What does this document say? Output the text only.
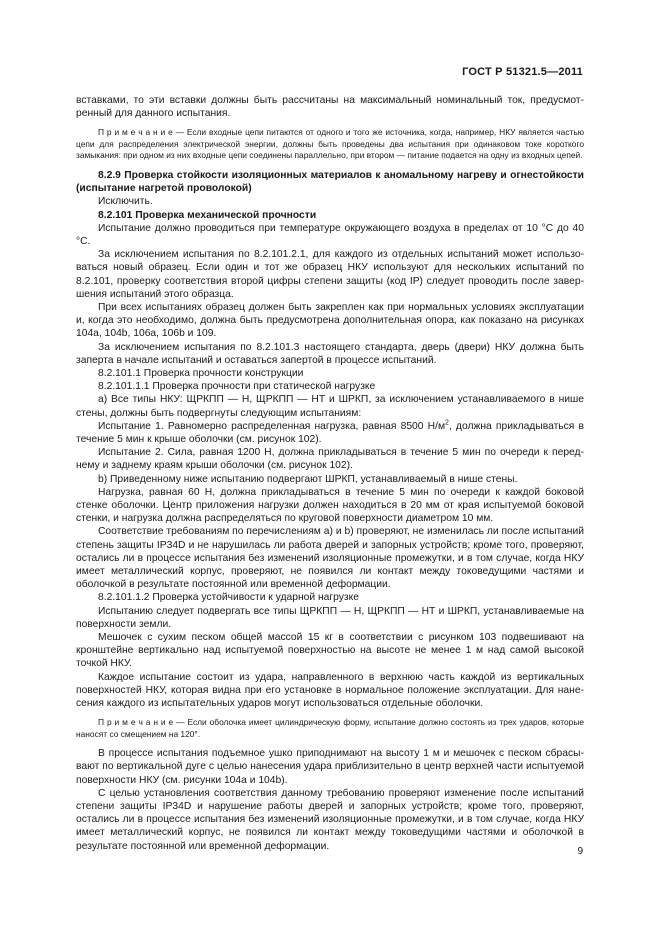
ГОСТ Р 51321.5—2011

вставками, то эти вставки должны быть рассчитаны на максимальный номинальный ток, предусмотренный для данного испытания.

П р и м е ч а н и е — Если входные цепи питаются от одного и того же источника, когда, например, НКУ является частью цепи для распределения электрической энергии, должны быть проведены два испытания при одинаковом токе короткого замыкания: при одном из них входные цепи соединены параллельно, при втором — питание подается на одну из входных цепей.

8.2.9 Проверка стойкости изоляционных материалов к аномальному нагреву и огнестойкости (испытание нагретой проволокой)

Исключить.

8.2.101 Проверка механической прочности

Испытание должно проводиться при температуре окружающего воздуха в пределах от 10 °С до 40 °С.

За исключением испытания по 8.2.101.2.1, для каждого из отдельных испытаний может использоваться новый образец. Если один и тот же образец НКУ используют для нескольких испытаний по 8.2.101, проверку соответствия второй цифры степени защиты (код IP) следует проводить после завершения испытаний этого образца.

При всех испытаниях образец должен быть закреплен как при нормальных условиях эксплуатации и, когда это необходимо, должна быть предусмотрена дополнительная опора, как показано на рисунках 104а, 104b, 106а, 106b и 109.

За исключением испытания по 8.2.101.3 настоящего стандарта, дверь (двери) НКУ должна быть заперта в начале испытаний и оставаться запертой в процессе испытаний.

8.2.101.1 Проверка прочности конструкции

8.2.101.1.1 Проверка прочности при статической нагрузке

а) Все типы НКУ: ЩРКПП — Н, ЩРКПП — НТ и ШРКП, за исключением устанавливаемого в нише стены, должны быть подвергнуты следующим испытаниям:

Испытание 1. Равномерно распределенная нагрузка, равная 8500 $Н/м^2$, должна прикладываться в течение 5 мин к крыше оболочки (см. рисунок 102).

Испытание 2. Сила, равная 1200 Н, должна прикладываться в течение 5 мин по очереди к переднему и заднему краям крыши оболочки (см. рисунок 102).

b) Приведенному ниже испытанию подвергают ШРКП, устанавливаемый в нише стены.

Нагрузка, равная 60 Н, должна прикладываться в течение 5 мин по очереди к каждой боковой стенке оболочки. Центр приложения нагрузки должен находиться в 20 мм от края испытуемой боковой стенки, и нагрузка должна распределяться по круговой поверхности диаметром 10 мм.

Соответствие требованиям по перечислениям а) и b) проверяют, не изменилась ли после испытаний степень защиты IP34D и не нарушилась ли работа дверей и запорных устройств; кроме того, проверяют, остались ли в процессе испытания без изменений изоляционные промежутки, и в том случае, когда НКУ имеет металлический корпус, проверяют, не появился ли контакт между токоведущими частями и оболочкой в результате постоянной или временной деформации.

8.2.101.1.2 Проверка устойчивости к ударной нагрузке

Испытанию следует подвергать все типы ЩРКПП — Н, ЩРКПП — НТ и ШРКП, устанавливаемые на поверхности земли.

Мешочек с сухим песком общей массой 15 кг в соответствии с рисунком 103 подвешивают на кронштейне вертикально над испытуемой поверхностью на высоте не менее 1 м над самой высокой точкой НКУ.

Каждое испытание состоит из удара, направленного в верхнюю часть каждой из вертикальных поверхностей НКУ, которая видна при его установке в нормальное положение эксплуатации. Для нанесения каждого из испытательных ударов могут использоваться отдельные оболочки.

П р и м е ч а н и е — Если оболочка имеет цилиндрическую форму, испытание должно состоять из трех ударов, которые наносят со смещением на 120°.

В процессе испытания подъемное ушко приподнимают на высоту 1 м и мешочек с песком сбрасывают по вертикальной дуге с целью нанесения удара приблизительно в центр верхней части испытуемой поверхности НКУ (см. рисунки 104а и 104b).

С целью установления соответствия данному требованию проверяют изменение после испытаний степени защиты IP34D и нарушение работы дверей и запорных устройств; кроме того, проверяют, остались ли в процессе испытания без изменений изоляционные промежутки, и в том случае, когда НКУ имеет металлический корпус, не появился ли контакт между токоведущими частями и оболочкой в результате постоянной или временной деформации.	9
